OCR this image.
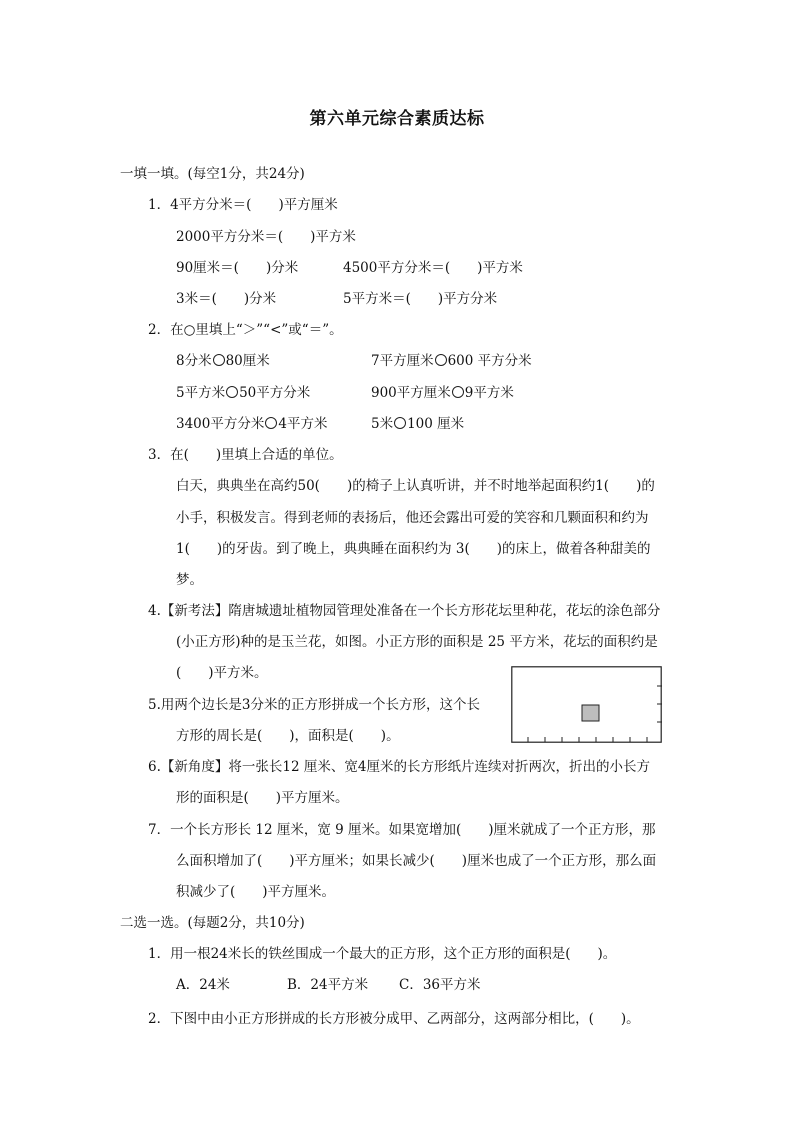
第六单元综合素质达标
一填一填。(每空1分，共24分)
1．4平方分米＝(　　)平方厘米
2000平方分米＝(　　)平方米
90厘米＝(　　)分米	4500平方分米＝(　　)平方米
3米＝(　　)分米	5平方米＝(　　)平方分米
2．在○里填上“＞”“<”或“＝”。
8分米 80厘米	7平方厘米 600 平方分米
5平方米 50平方分米	900平方厘米 9平方米
3400平方分米 4平方米	5米 100 厘米
3．在(　　)里填上合适的单位。
白天，典典坐在高约50(　　)的椅子上认真听讲，并不时地举起面积约1(　　)的
小手，积极发言。得到老师的表扬后，他还会露出可爱的笑容和几颗面积和约为
1(　　)的牙齿。到了晚上，典典睡在面积约为 3(　　)的床上，做着各种甜美的
梦。
4.【新考法】隋唐城遗址植物园管理处准备在一个长方形花坛里种花，花坛的涂色部分
(小正方形)种的是玉兰花，如图。小正方形的面积是 25 平方米，花坛的面积约是
(　　)平方米。
5.用两个边长是3分米的正方形拼成一个长方形，这个长
方形的周长是(　　)，面积是(　　)。
6.【新角度】将一张长12 厘米、宽4厘米的长方形纸片连续对折两次，折出的小长方
形的面积是(　　)平方厘米。
7．一个长方形长 12 厘米，宽 9 厘米。如果宽增加(　　)厘米就成了一个正方形，那
么面积增加了(　　)平方厘米；如果长减少(　　)厘米也成了一个正方形，那么面
积减少了(　　)平方厘米。
二选一选。(每题2分，共10分)
1．用一根24米长的铁丝围成一个最大的正方形，这个正方形的面积是(　　)。
A．24米	B．24平方米 C．36平方米
2．下图中由小正方形拼成的长方形被分成甲、乙两部分，这两部分相比，(　　)。
